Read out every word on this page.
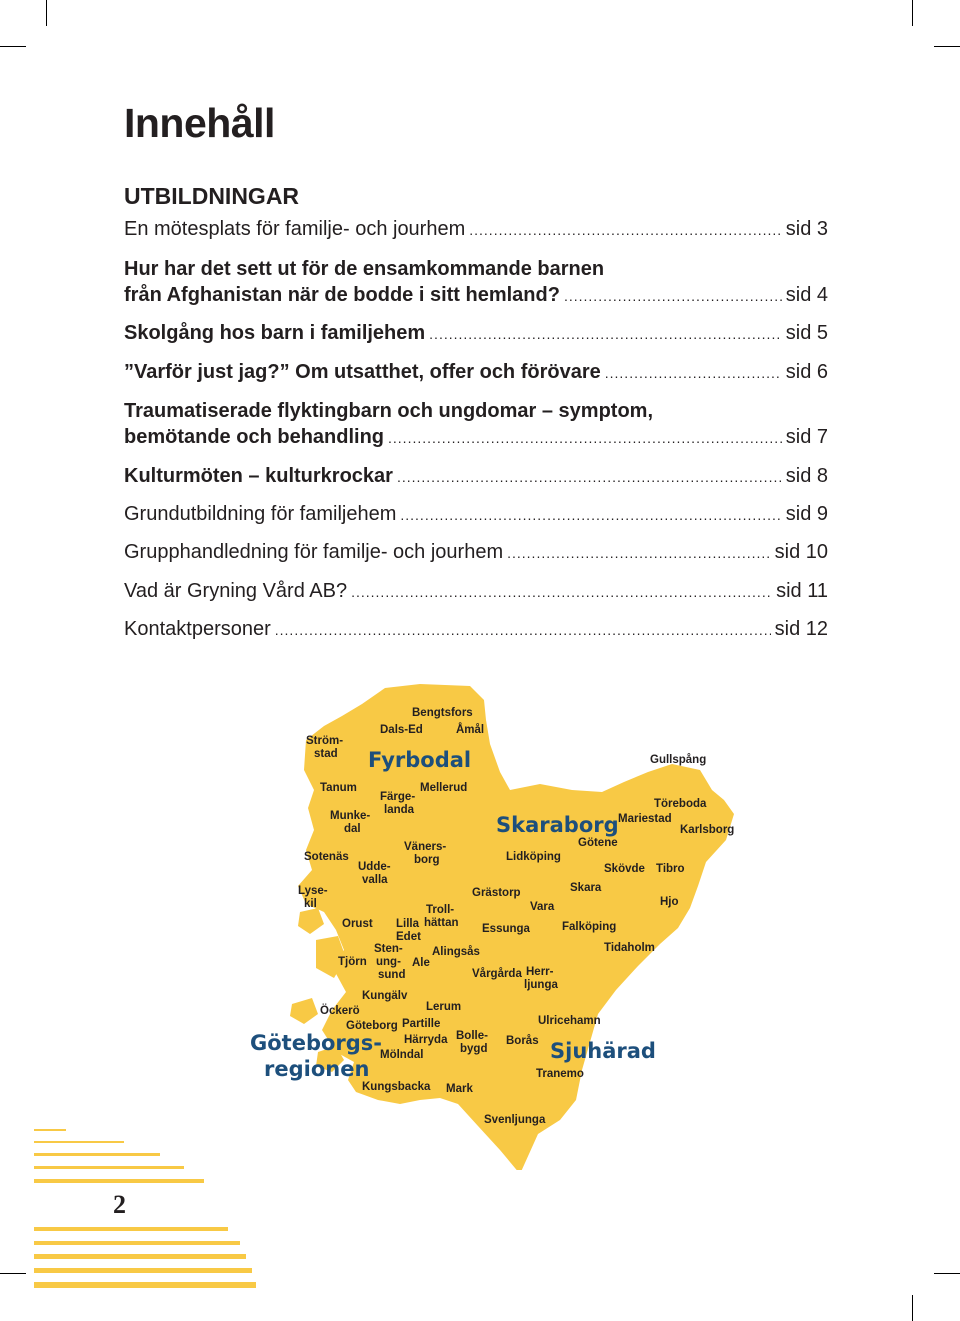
Innehåll
UTBILDNINGAR
En mötesplats för familje- och jourhem .....	sid 3
Hur har det sett ut för de ensamkommande barnen
från Afghanistan när de bodde i sitt hemland? .....	sid 4
Skolgång hos barn i familjehem .....	sid 5
”Varför just jag?” Om utsatthet, offer och förövare .....	sid 6
Traumatiserade flyktingbarn och ungdomar – symptom,
bemötande och behandling .....	sid 7
Kulturmöten – kulturkrockar .....	sid 8
Grundutbildning för familjehem .....	sid 9
Grupphandledning för familje- och jourhem .....	sid 10
Vad är Gryning Vård AB? .....	sid 11
Kontaktpersoner .....	sid 12
Bengtsfors
Dals-Ed	Åmål
Ström-
stad	Gullspång
Tanum	Mellerud
Färge-
landa	Töreboda
Munke-
dal
Mariestad
Karlsborg
Väners-
borg
Götene
Sotenäs
Udde-
valla
Lidköping
Skövde Tibro
Lyse-
kil
Skara
Grästorp
Troll-
hättan
Hjo
Vara
Orust Lilla
Edet
Essunga	Falköping
Sten-
ung-
sund
Alingsås	Tidaholm
Tjörn	Ale
Vårgårda Herr-
ljunga
Kungälv
Öckerö	Lerum
Göteborg Partille	Ulricehamn
Härryda Bolle-
bygd
Borås
Mölndal
Tranemo
Kungsbacka Mark
Svenljunga
Fyrbodal
Skaraborg
Göteborgs-
regionen
Sjuhärad
2
